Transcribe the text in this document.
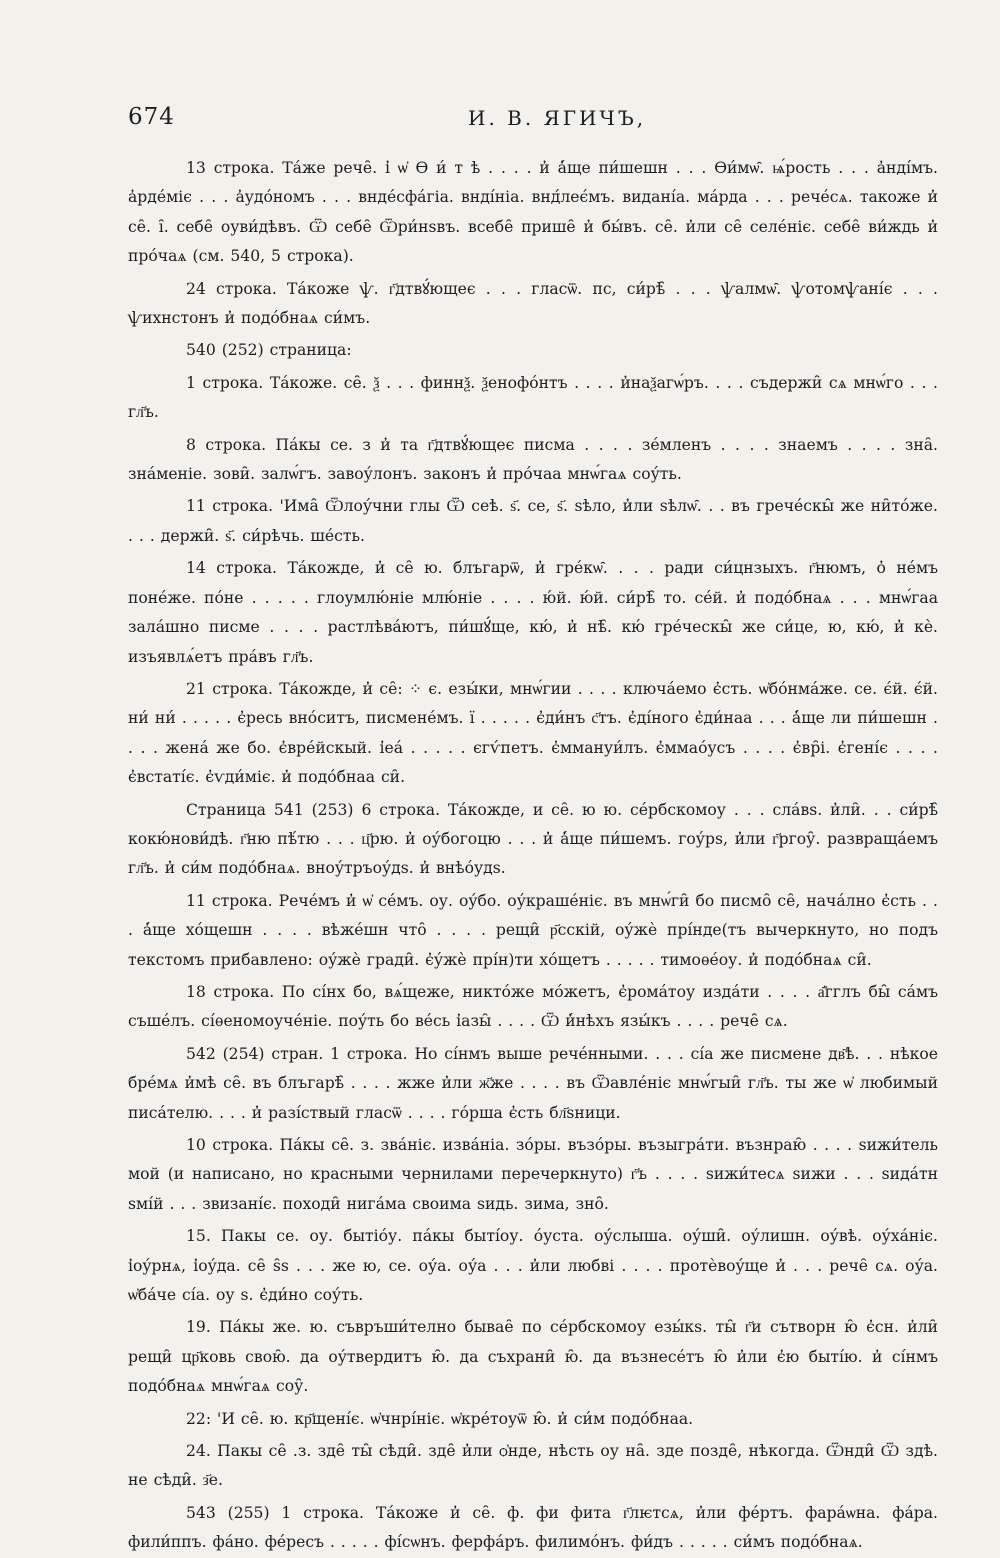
674	И. В. ЯГИЧЪ,

13 строка. Та́же рече̑. і̓ ѡ̓ Ѳ и́ т ѣ . . . . и̓ а̓́ще пи́шешн . . . Ѳи́мѡ̑. ѩ́рость . . . а̓нді́мъ. а̓рде́міє . . . а̓удо́номъ . . . внде́сфа́гіа. внді́ніа. внд́леє́мъ. видані́а. ма́рда . . . рече́сѧ. такоже и̓ се̑. і̑. себе̑ оуви́дѣвъ. Ѿ себе̑ Ѿри́нѕвъ. всебе̑ прише̑ и̓ бы́въ. се̑. и̓ли се̑ селе́ніє. себе̑ ви́ждь и̓ про́чаѧ (см. 540, 5 строка).

24 строка. Та́коже ѱ. г҃дтвꙋ́ющеє . . . гласѿ. пс, си́рѣ̑ . . . ѱалмѡ̑. ѱотомѱані́є . . . ѱихнстонъ и̓ подо́бнаѧ си́мъ.

540 (252) страница:

1 строка. Та́коже. се̑. ѯ . . . финнѯ. ѯенофо́нтъ . . . . и̓наѯагѡ́ръ. . . . съдержи̑ сѧ мнѡ́го . . . гл҃ъ.

8 строка. Па́кы се. з и̓ та г҃дтвꙋ́ющеє писма . . . . зе́мленъ . . . . знаемъ . . . . зна̑. зна́меніе. зови̑. залѡ́гъ. завоу́лонъ. законъ и̓ про́чаа мнѡ́гаѧ соу́ть.

11 строка. 'Има̑ Ѿлоу́чни глы Ѿ сеѣ. ѕ҃. се, ѕ҃. ѕѣло, и̓ли ѕѣлѡ̑. . . въ грече́скы̑ же ни̑то́же. . . . держи̑. ѕ҃. си́рѣчь. ше́сть.

14 строка. Та́кожде, и̓ се̑ ю. блъгарѿ, и̓ гре́кѡ̑. . . . ради си́цнзыхъ. г҃нюмъ, о̓ не́мъ поне́же. по́не . . . . . глоумлю́ніе млю́ніе . . . . ю́й. ю́й. си́рѣ̑ то. се́й. и̓ подо́бнаѧ . . . мнѡ́гаа зала́шно писме . . . . растлѣва́ютъ, пи́шꙋ́ще, кю́, и̓ нѣ̑. кю́ гре́ческы̑ же си́це, ю, кю́, и̓ кѐ. изъявлѧ́етъ пра́въ гл҃ъ.

21 строка. Та́кожде, и̓ се̑: ⁘ є. езы́ки, мнѡ́гии . . . . ключа́емо є̓сть. ѡ̓бо́нма́же. се. є́й. є́й. ни́ ни́ . . . . . є̓ресь вно́ситъ, писмене́мъ. ї . . . . . є̓ди́нъ с҃тъ. є̓ді́ного є̓ди́наа . . . а̓́ще ли пи́шешн . . . . жена́ же бо. є̓вре́йскый. і̓еа́ . . . . . єгѵ́петъ. є̓ммануи́лъ. є̓ммао́усъ . . . . є̓вр̑і. є̓гені́є . . . . є̓встаті́є. є̓ѵди́міє. и̓ подо́бнаа си̑.

Страница 541 (253) 6 строка. Та́кожде, и се̑. ю ю. се́рбскомоу . . . сла́вѕ. и̓ли̑. . . си́рѣ̑ кокю́нови́дѣ. г҃ню пѣ́тю . . . ц҃рю. и̓ оу́богоцю . . . и̓ а̓́ще пи́шемъ. гоу́рѕ, и̓ли г҃ргоу̑. развраща́емъ гл҃ъ. и̓ си́м подо́бнаѧ. вноу́тръоу́дѕ. и̓ внѣо́удѕ.

11 строка. Рече́мъ и̓ ѡ̓ се́мъ. оу. оу́бо. оу́краше́ніє. въ мнѡ́ги̑ бо писмо̑ се̑, нача́лно є̓сть . . . а̓́ще хо́щешн . . . . вѣже́шн что̑ . . . . рещи̑ р҃сскій, оу́жѐ прі́нде(тъ вычеркнуто, но подъ текстомъ прибавлено: оу́жѐ гради̑. є̓у́жѐ прі́н)ти хо́щетъ . . . . . тимоѳе́оу. и̓ подо́бнаѧ си̑.

18 строка. По сі́нх бо, вѧ́щеже, никто́же мо́жетъ, є̓рома́тоу изда́ти . . . . а̓҃гглъ бы̑ са́мъ съше́лъ. сі́ѳеномоуче́ніе. поу́ть бо ве́сь і̓азы̑ . . . . Ѿ и̓́нѣхъ язы́къ . . . . рече̑ сѧ.

542 (254) стран. 1 строка. Но сі́нмъ выше рече́нными. . . . сі́а же писмене дв҃ѣ. . . нѣкое бре́мѧ и̓мѣ се̑. въ блъгарѣ̑ . . . . жже и̓ли ж҃же . . . . въ Ѿавле́ніє мнѡ́гыи̑ гл҃ъ. ты же ѡ̓ любимый писа́телю. . . . и̓ разі́ствый гласѿ . . . . го́рша є̓сть бл҃ѕници.

10 строка. Па́кы се̑. з. зва́ніє. изва́ніа. зо́ры. възо́ры. възыгра́ти. възнраю̑ . . . . ѕижи́тель мой (и написано, но красными чернилами перечеркнуто) г҃ъ . . . . ѕижи́тесѧ ѕижи . . . ѕида́тн ѕмі́й . . . звизані́є. походи̑ нига́ма своима ѕидь. зима, зно̑.

15. Пакы се. оу. бытіо́у. па́кы быті́оу. о́уста. оу́слыша. оу́ши̑. оу́лишн. оу́вѣ. оу́ха́ніє. і̓оу́рнѧ, і̓оу́да. се̑ ѕ̑ѕ . . . же ю, се. оу́а. оу́а . . . и̓ли любві . . . . протѐвоу́ще и̓ . . . рече̑ сѧ. оу́а. ѡ̓ба́че сі́а. оу ѕ. є̓ди́но соу́ть.

19. Па́кы же. ю. съвръши́телно бывае̑ по се́рбскомоу езы́кѕ. ты̑ г҃и сътворн ю̑ є̓сн. и̓ли̑ рещи̑ цр҃ковь свою̑. да оу́твердитъ ю̑. да съхрани̑ ю̑. да възнесе́тъ ю̑ и̓ли є̓ю быті́ю. и̓ сі́нмъ подо́бнаѧ мнѡ́гаѧ соу̑.

22: 'И се̑. ю. кр҃щені́є. ѡ̓чнрі́ніє. ѡ̓кре́тоуѿ ю̑. и̓ си́м подо́бнаа.

24. Пакы се̑ .з. зде̑ ты̑ сѣди̑. зде̑ и̓ли ѻ̓нде, нѣсть оу на̑. зде позде̑, нѣкогда. Ѿнди̑ Ѿ здѣ. не сѣди̑. з҃е.

543 (255) 1 строка. Та́коже и̓ се̑. ф. фи фита г҃лѥтсѧ, и̓ли фе́ртъ. фара́ѡна. фа́ра. фили́ппъ. фа́но. фе́ресъ . . . . . фі́сѡнъ. ферфа́ръ. филимо́нъ. фи́дъ . . . . . си́мъ подо́бнаѧ.
